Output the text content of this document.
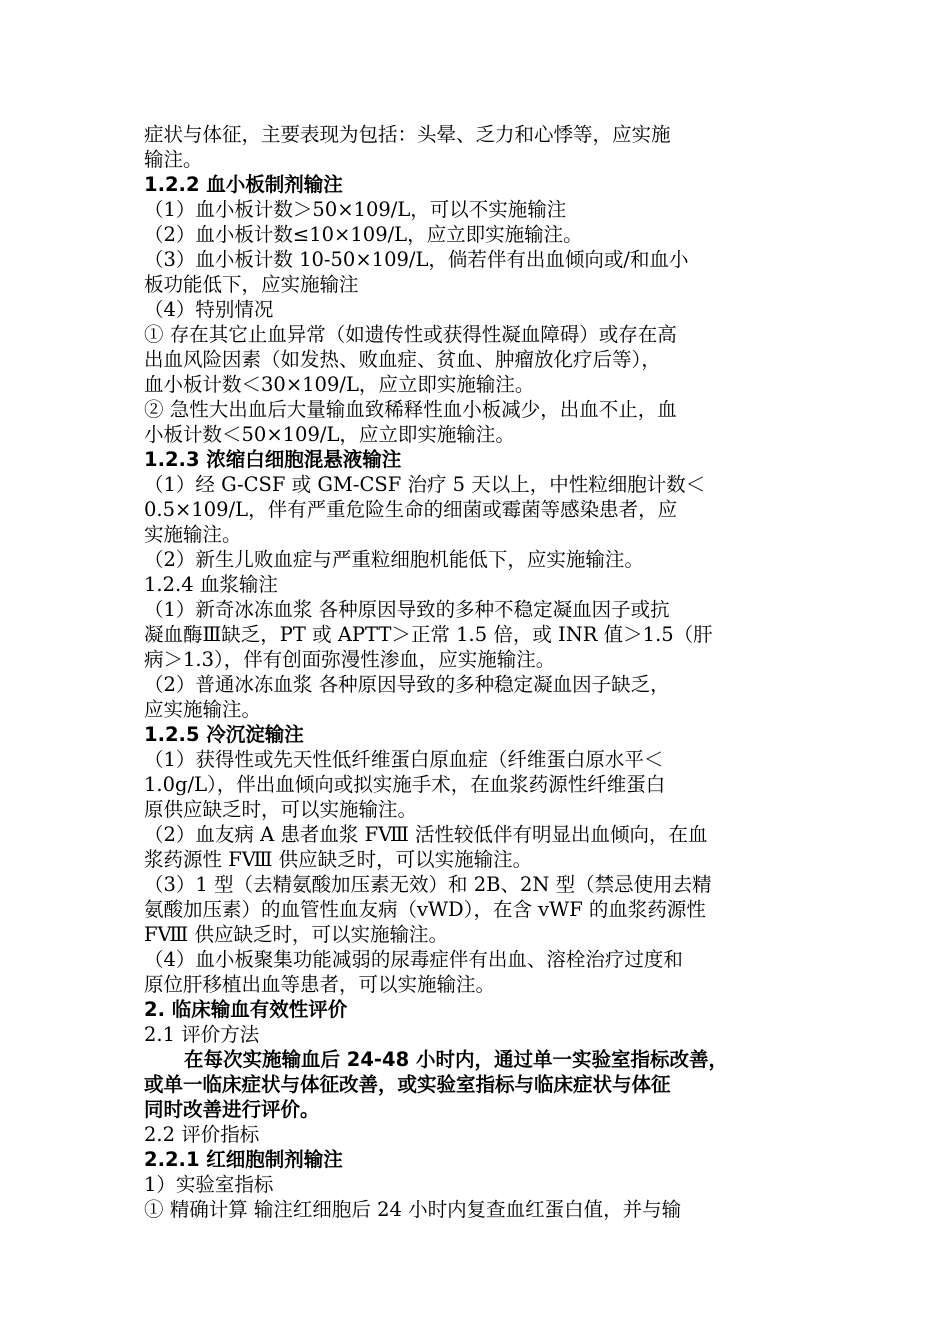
症状与体征，主要表现为包括：头晕、乏力和心悸等，应实施
输注。
1.2.2 血小板制剂输注
（1）血小板计数＞50×109/L，可以不实施输注
（2）血小板计数≤10×109/L，应立即实施输注。
（3）血小板计数 10-50×109/L，倘若伴有出血倾向或/和血小
板功能低下，应实施输注
（4）特别情况
① 存在其它止血异常（如遗传性或获得性凝血障碍）或存在高
出血风险因素（如发热、败血症、贫血、肿瘤放化疗后等），
血小板计数＜30×109/L，应立即实施输注。
② 急性大出血后大量输血致稀释性血小板减少，出血不止，血
小板计数＜50×109/L，应立即实施输注。
1.2.3 浓缩白细胞混悬液输注
（1）经 G-CSF 或 GM-CSF 治疗 5 天以上，中性粒细胞计数＜
0.5×109/L，伴有严重危险生命的细菌或霉菌等感染患者，应
实施输注。
（2）新生儿败血症与严重粒细胞机能低下，应实施输注。
1.2.4 血浆输注
（1）新奇冰冻血浆 各种原因导致的多种不稳定凝血因子或抗
凝血酶Ⅲ缺乏，PT 或 APTT＞正常 1.5 倍，或 INR 值＞1.5（肝
病＞1.3），伴有创面弥漫性渗血，应实施输注。
（2）普通冰冻血浆 各种原因导致的多种稳定凝血因子缺乏，
应实施输注。
1.2.5 冷沉淀输注
（1）获得性或先天性低纤维蛋白原血症（纤维蛋白原水平＜
1.0g/L），伴出血倾向或拟实施手术，在血浆药源性纤维蛋白
原供应缺乏时，可以实施输注。
（2）血友病 A 患者血浆 FⅧ 活性较低伴有明显出血倾向，在血
浆药源性 FⅧ 供应缺乏时，可以实施输注。
（3）1 型（去精氨酸加压素无效）和 2B、2N 型（禁忌使用去精
氨酸加压素）的血管性血友病（vWD），在含 vWF 的血浆药源性
FⅧ 供应缺乏时，可以实施输注。
（4）血小板聚集功能减弱的尿毒症伴有出血、溶栓治疗过度和
原位肝移植出血等患者，可以实施输注。
2. 临床输血有效性评价
2.1 评价方法
在每次实施输血后 24-48 小时内，通过单一实验室指标改善，
或单一临床症状与体征改善，或实验室指标与临床症状与体征
同时改善进行评价。
2.2 评价指标
2.2.1 红细胞制剂输注
1）实验室指标
① 精确计算 输注红细胞后 24 小时内复查血红蛋白值，并与输
